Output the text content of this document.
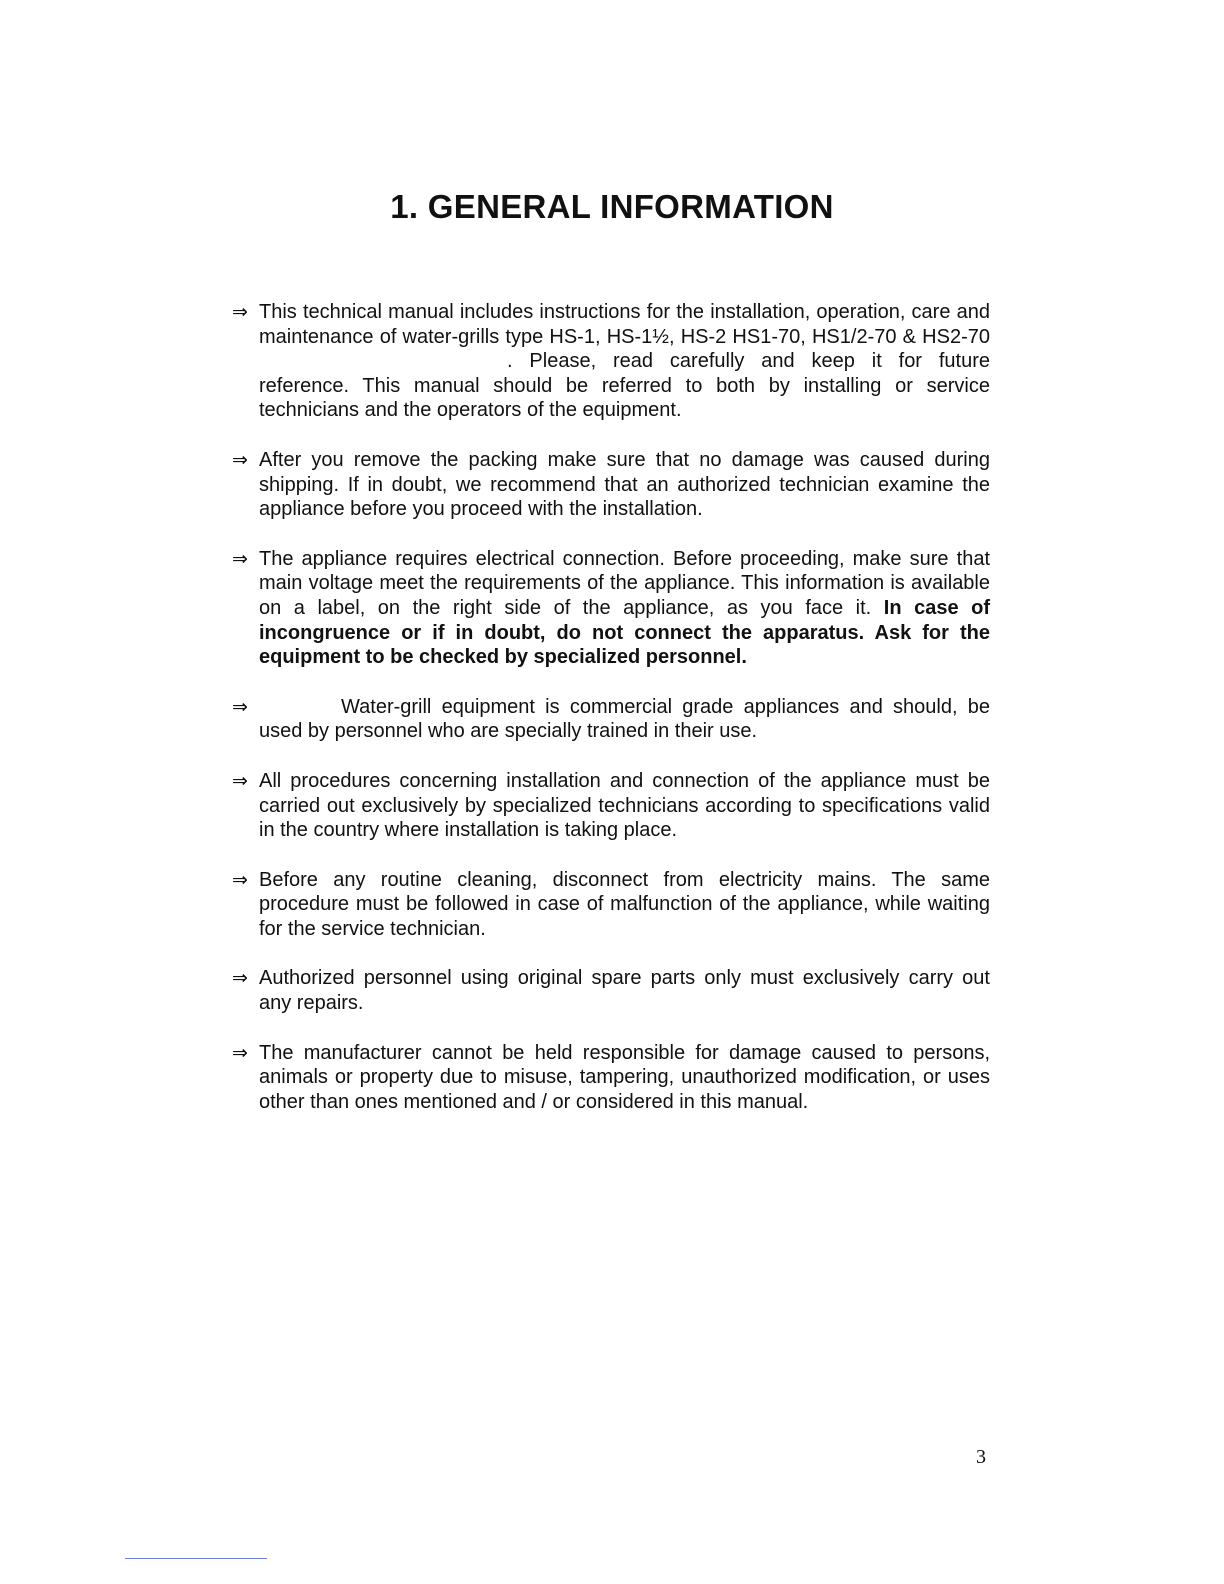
1. GENERAL INFORMATION
⇒ This technical manual includes instructions for the installation, operation, care and maintenance of water-grills type HS-1, HS-1½, HS-2 HS1-70, HS1/2-70 & HS2-70. Please, read carefully and keep it for future reference. This manual should be referred to both by installing or service technicians and the operators of the equipment.
⇒ After you remove the packing make sure that no damage was caused during shipping. If in doubt, we recommend that an authorized technician examine the appliance before you proceed with the installation.
⇒ The appliance requires electrical connection. Before proceeding, make sure that main voltage meet the requirements of the appliance. This information is available on a label, on the right side of the appliance, as you face it. In case of incongruence or if in doubt, do not connect the apparatus. Ask for the equipment to be checked by specialized personnel.
⇒	Water-grill equipment is commercial grade appliances and should, be used by personnel who are specially trained in their use.
⇒ All procedures concerning installation and connection of the appliance must be carried out exclusively by specialized technicians according to specifications valid in the country where installation is taking place.
⇒ Before any routine cleaning, disconnect from electricity mains. The same procedure must be followed in case of malfunction of the appliance, while waiting for the service technician.
⇒ Authorized personnel using original spare parts only must exclusively carry out any repairs.
⇒ The manufacturer cannot be held responsible for damage caused to persons, animals or property due to misuse, tampering, unauthorized modification, or uses other than ones mentioned and / or considered in this manual.
3
